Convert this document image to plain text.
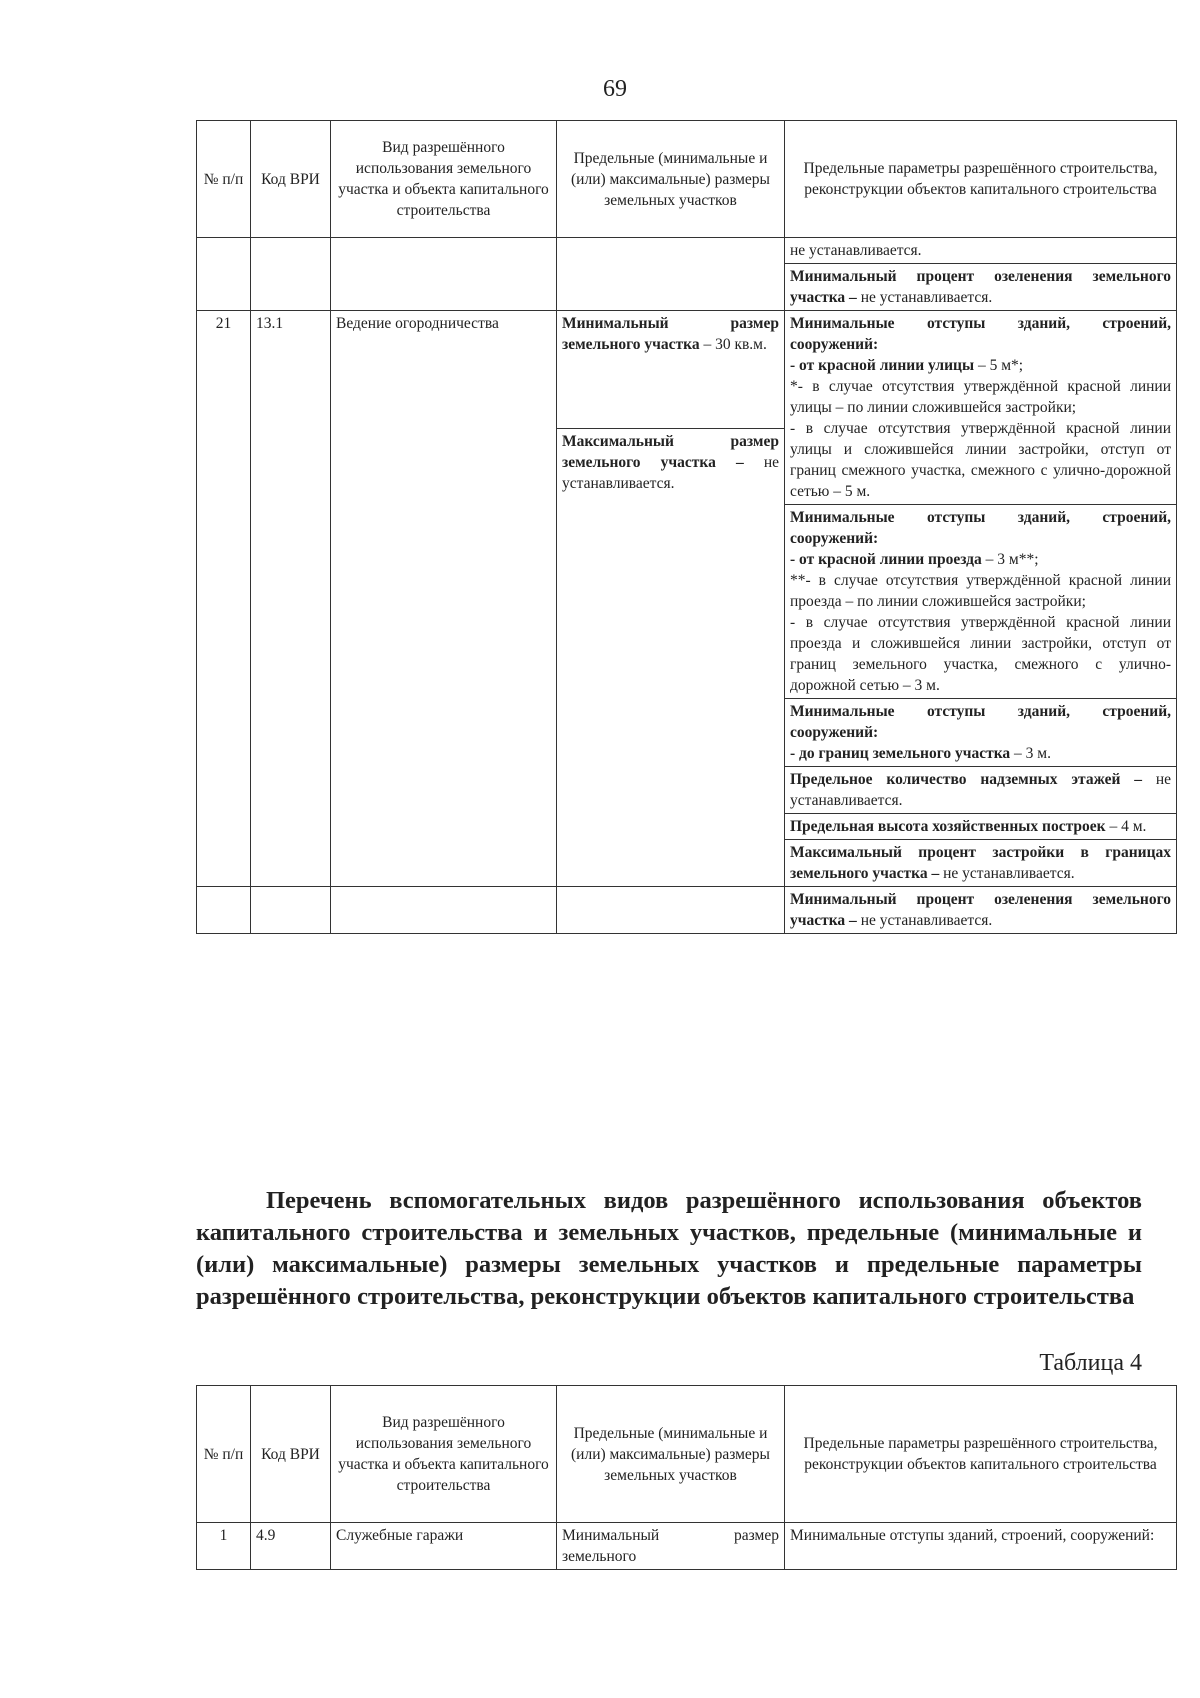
69
№ п/п	Код ВРИ	Вид разрешённого использования земельного участка и объекта капитального строительства	Предельные (минимальные и (или) максимальные) размеры земельных участков	Предельные параметры разрешённого строительства, реконструкции объектов капитального строительства
				не устанавливается.
				Минимальный процент озеленения земельного участка – не устанавливается.
21	13.1	Ведение огородничества	Минимальный размер земельного участка – 30 кв.м.	Минимальные отступы зданий, строений, сооружений:
- от красной линии улицы – 5 м*;
*- в случае отсутствия утверждённой красной линии улицы – по линии сложившейся застройки;
- в случае отсутствия утверждённой красной линии улицы и сложившейся линии застройки, отступ от границ смежного участка, смежного с улично-дорожной сетью – 5 м.

			Максимальный размер земельного участка – не устанавливается.	

				Минимальные отступы зданий, строений, сооружений:
- от красной линии проезда – 3 м**;
**- в случае отсутствия утверждённой красной линии проезда – по линии сложившейся застройки;
- в случае отсутствия утверждённой красной линии проезда и сложившейся линии застройки, отступ от границ земельного участка, смежного с улично-дорожной сетью – 3 м.

				Минимальные отступы зданий, строений, сооружений:
- до границ земельного участка – 3 м.

				Предельное количество надземных этажей – не устанавливается.
				Предельная высота хозяйственных построек – 4 м.
				Максимальный процент застройки в границах земельного участка – не устанавливается.
				Минимальный процент озеленения земельного участка – не устанавливается.
Перечень вспомогательных видов разрешённого использования объектов капитального строительства и земельных участков, предельные (минимальные и (или) максимальные) размеры земельных участков и предельные параметры разрешённого строительства, реконструкции объектов капитального строительства
Таблица 4
№ п/п	Код ВРИ	Вид разрешённого использования земельного участка и объекта капитального строительства	Предельные (минимальные и (или) максимальные) размеры земельных участков	Предельные параметры разрешённого строительства, реконструкции объектов капитального строительства
1	4.9	Служебные гаражи	Минимальный размер земельного	Минимальные отступы зданий, строений, сооружений:
